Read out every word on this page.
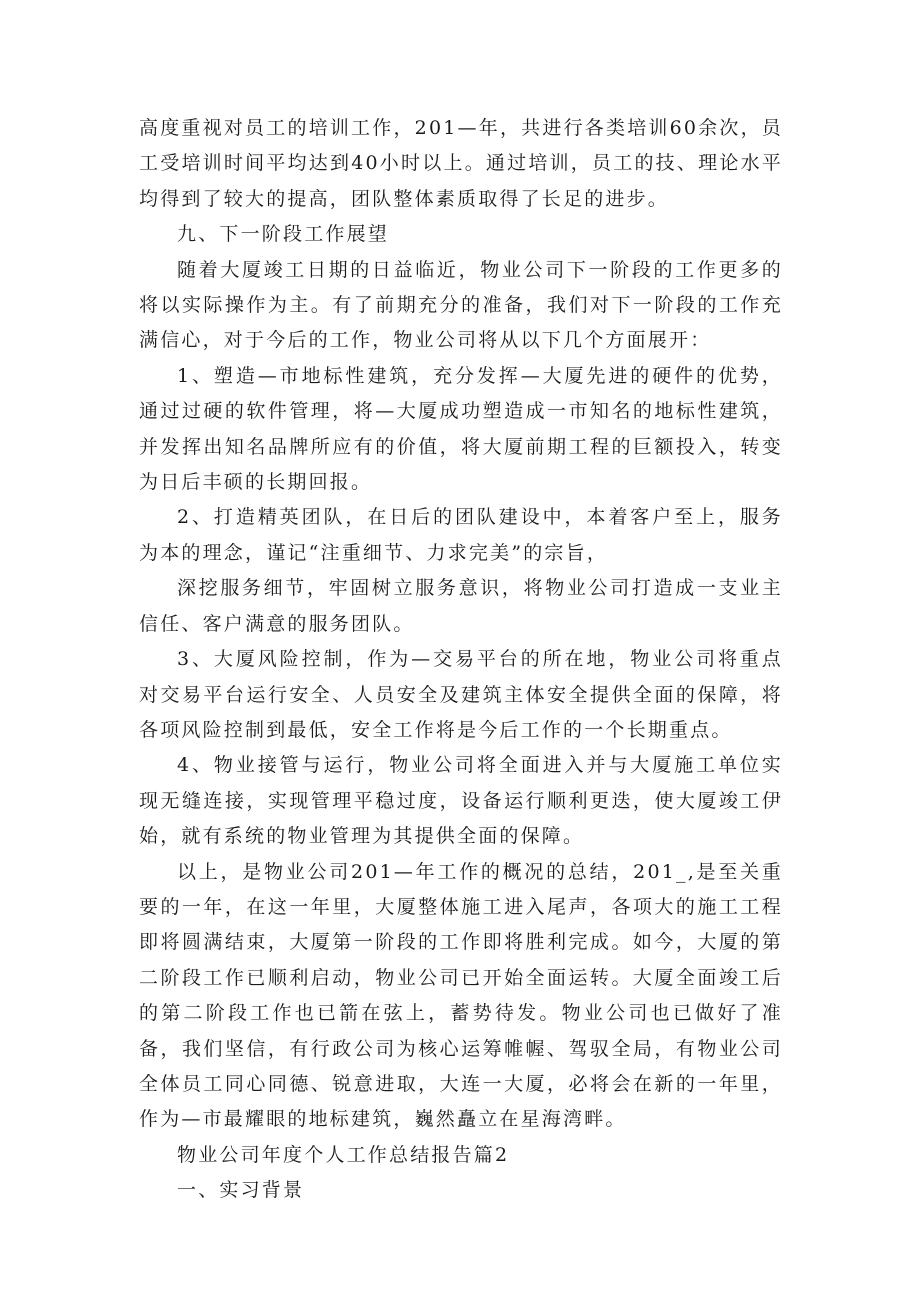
高度重视对员工的培训工作，201—年，共进行各类培训60余次，员工受培训时间平均达到40小时以上。通过培训，员工的技、理论水平均得到了较大的提高，团队整体素质取得了长足的进步。

九、下一阶段工作展望

随着大厦竣工日期的日益临近，物业公司下一阶段的工作更多的将以实际操作为主。有了前期充分的准备，我们对下一阶段的工作充满信心，对于今后的工作，物业公司将从以下几个方面展开：

1、塑造—市地标性建筑，充分发挥—大厦先进的硬件的优势，通过过硬的软件管理，将—大厦成功塑造成一市知名的地标性建筑，并发挥出知名品牌所应有的价值，将大厦前期工程的巨额投入，转变为日后丰硕的长期回报。

2、打造精英团队，在日后的团队建设中，本着客户至上，服务为本的理念，谨记“注重细节、力求完美”的宗旨，

深挖服务细节，牢固树立服务意识，将物业公司打造成一支业主信任、客户满意的服务团队。

3、大厦风险控制，作为—交易平台的所在地，物业公司将重点对交易平台运行安全、人员安全及建筑主体安全提供全面的保障，将各项风险控制到最低，安全工作将是今后工作的一个长期重点。

4、物业接管与运行，物业公司将全面进入并与大厦施工单位实现无缝连接，实现管理平稳过度，设备运行顺利更迭，使大厦竣工伊始，就有系统的物业管理为其提供全面的保障。

以上，是物业公司201—年工作的概况的总结，201_,是至关重要的一年，在这一年里，大厦整体施工进入尾声，各项大的施工工程即将圆满结束，大厦第一阶段的工作即将胜利完成。如今，大厦的第二阶段工作已顺利启动，物业公司已开始全面运转。大厦全面竣工后的第二阶段工作也已箭在弦上，蓄势待发。物业公司也已做好了准备，我们坚信，有行政公司为核心运筹帷幄、驾驭全局，有物业公司全体员工同心同德、锐意进取，大连一大厦，必将会在新的一年里，作为—市最耀眼的地标建筑，巍然矗立在星海湾畔。

物业公司年度个人工作总结报告篇2

一、实习背景
